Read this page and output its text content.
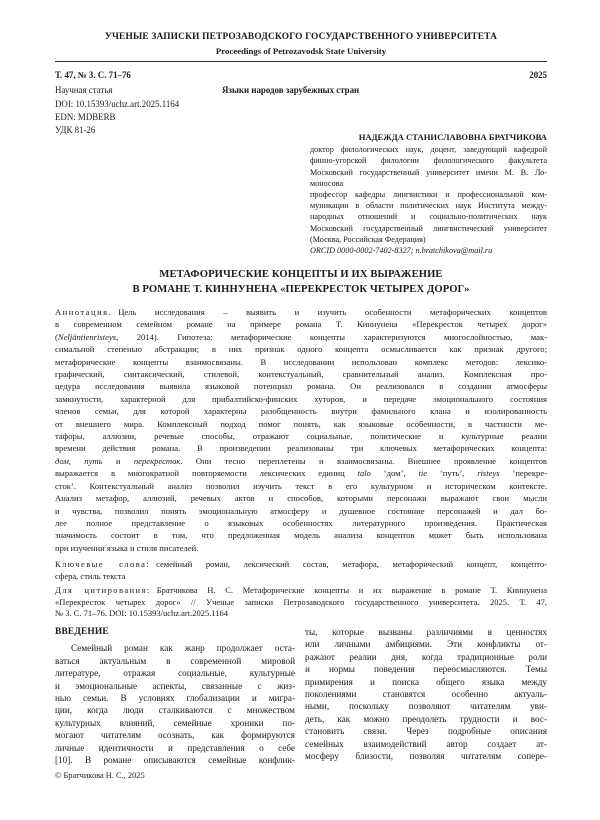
УЧЕНЫЕ ЗАПИСКИ ПЕТРОЗАВОДСКОГО ГОСУДАРСТВЕННОГО УНИВЕРСИТЕТА
Proceedings of Petrozavodsk State University
Т. 47, № 3. С. 71–76	2025
Научная статья	Языки народов зарубежных стран
DOI: 10.15393/uchz.art.2025.1164
EDN: MDBERB
УДК 81-26
НАДЕЖДА СТАНИСЛАВОВНА БРАТЧИКОВА
доктор филологических наук, доцент, заведующий кафедрой
финно-угорской филологии филологического факультета
Московский государственный университет имени М. В. Ло-
моносова
профессор кафедры лингвистики и профессиональной ком-
муникации в области политических наук Института между-
народных отношений и социально-политических наук
Московский государственный лингвистический университет
(Москва, Российская Федерация)
ORCID 0000-0002-7402-8327; n.bratchikova@mail.ru
МЕТАФОРИЧЕСКИЕ КОНЦЕПТЫ И ИХ ВЫРАЖЕНИЕ
В РОМАНЕ Т. КИННУНЕНА «ПЕРЕКРЕСТОК ЧЕТЫРЕХ ДОРОГ»
Аннотация. Цель исследования – выявить и изучить особенности метафорических концептов
в современном семейном романе на примере романа Т. Киннунена «Перекресток четырех дорог»
(Neljäntienristeys, 2014). Гипотеза: метафорические концепты характеризуются многослойностью, мак-
симальной степенью абстракции; в них признак одного концепта осмысливается как признак другого;
метафорические концепты взаимосвязаны. В исследовании использован комплекс методов: лексико-
графический, синтаксический, стилевой, контекстуальный, сравнительный анализ. Комплексная про-
цедура исследования выявила языковой потенциал романа. Он реализовался в создании атмосферы
замкнутости, характерной для прибалтийско-финских хуторов, и передаче эмоционального состояния
членов семьи, для которой характерны разобщенность внутри фамильного клана и изолированность
от внешнего мира. Комплексный подход помог понять, как языковые особенности, в частности ме-
тафоры, аллюзии, речевые способы, отражают социальные, политические и культурные реалии
времени действия романа. В произведении реализованы три ключевых метафорических концепта:
дом, путь и перекресток. Они тесно переплетены и взаимосвязаны. Внешнее проявление концептов
выражается в многократной повторяемости лексических единиц talo ‘дом’, tie ‘путь’, risteys ‘перекре-
сток’. Контекстуальный анализ позволил изучить текст в его культурном и историческом контексте.
Анализ метафор, аллюзий, речевых актов и способов, которыми персонажи выражают свои мысли
и чувства, позволил понять эмоциональную атмосферу и душевное состояние персонажей и дал бо-
лее полное представление о языковых особенностях литературного произведения. Практическая
значимость состоит в том, что предложенная модель анализа концептов может быть использована
при изучении языка и стиля писателей.
Ключевые слова: семейный роман, лексический состав, метафора, метафорический концепт, концепто-
сфера, стиль текста
Для цитирования: Братчикова Н. С. Метафорические концепты и их выражение в романе Т. Киннунена
«Перекресток четырех дорог» // Ученые записки Петрозаводского государственного университета. 2025. Т. 47,
№ 3. С. 71–76. DOI: 10.15393/uchz.art.2025.1164
ВВЕДЕНИЕ
Семейный роман как жанр продолжает оста-
ваться актуальным в современной мировой
литературе, отражая социальные, культурные
и эмоциональные аспекты, связанные с жиз-
нью семьи. В условиях глобализации и мигра-
ции, когда люди сталкиваются с множеством
культурных влияний, семейные хроники по-
могают читателям осознать, как формируются
личные идентичности и представления о себе
[10]. В романе описываются семейные конфлик-
ты, которые вызваны различиями в ценностях
или личными амбициями. Эти конфликты от-
ражают реалии дня, когда традиционные роли
и нормы поведения переосмысляются. Темы
примирения и поиска общего языка между
поколениями становятся особенно актуаль-
ными, поскольку позволяют читателям уви-
деть, как можно преодолеть трудности и вос-
становить связи. Через подробные описания
семейных взаимодействий автор создает ат-
мосферу близости, позволяя читателям сопере-
© Братчикова Н. С., 2025
